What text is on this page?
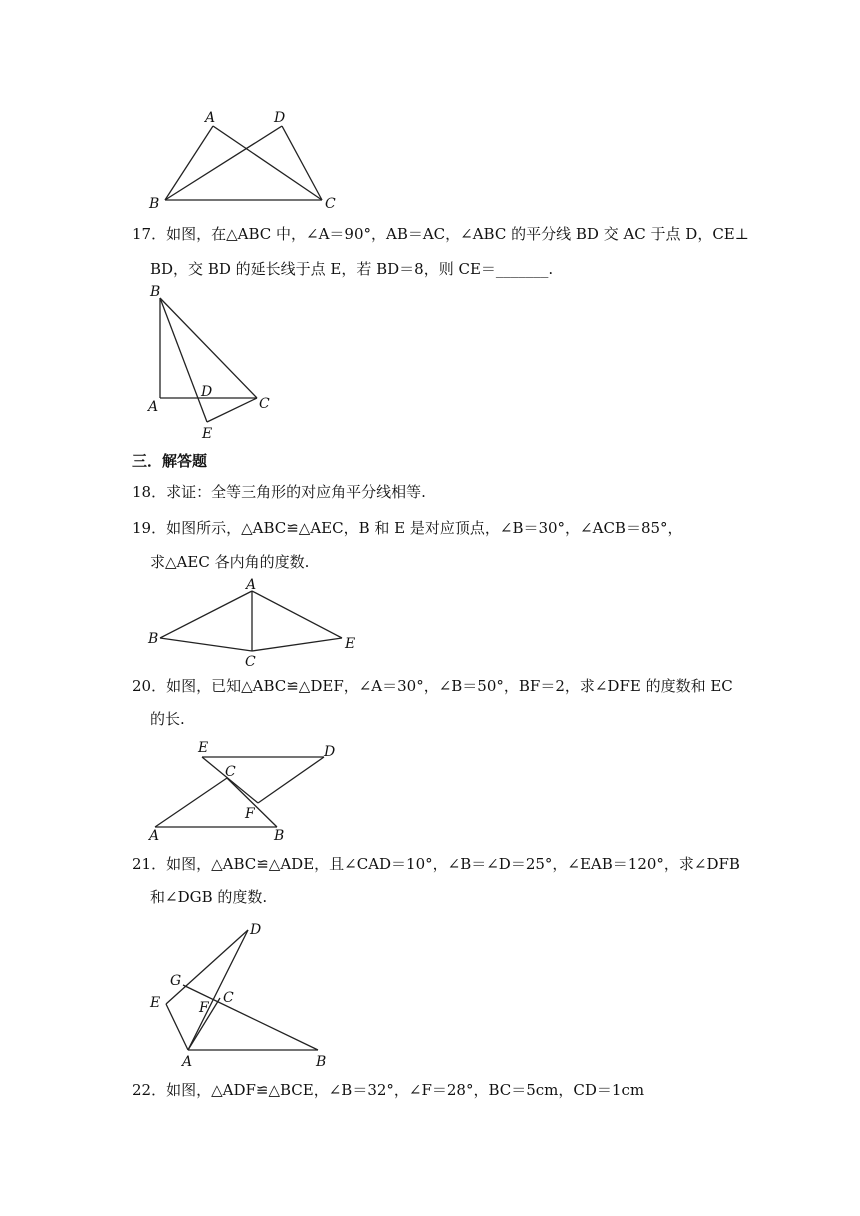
A	D
B	C
17．如图，在△ABC 中，∠A＝90°，AB＝AC，∠ABC 的平分线 BD 交 AC 于点 D，CE⊥
BD，交 BD 的延长线于点 E，若 BD＝8，则 CE＝_______.
B
D
A	C
E
三．解答题
18．求证：全等三角形的对应角平分线相等.
19．如图所示，△ABC≌△AEC，B 和 E 是对应顶点，∠B＝30°，∠ACB＝85°，
求△AEC 各内角的度数.
A
B
C
E
20．如图，已知△ABC≌△DEF，∠A＝30°，∠B＝50°，BF＝2，求∠DFE 的度数和 EC
的长.
E	D
C
F
A	B
21．如图，△ABC≌△ADE，且∠CAD＝10°，∠B＝∠D＝25°，∠EAB＝120°，求∠DFB
和∠DGB 的度数.
D
G
C
E	F
A	B
22．如图，△ADF≌△BCE，∠B＝32°，∠F＝28°，BC＝5cm，CD＝1cm
